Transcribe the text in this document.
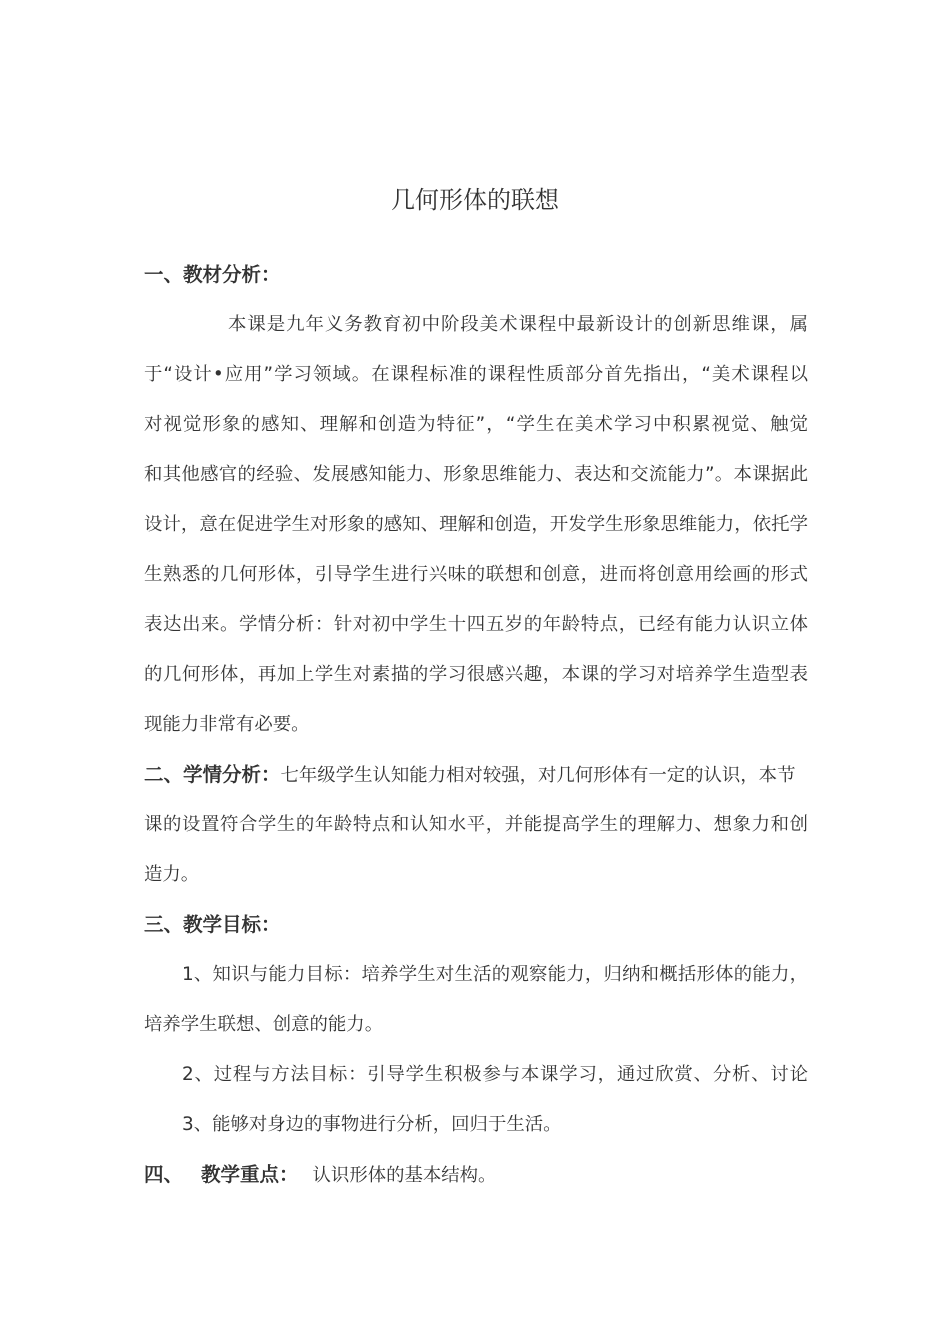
几何形体的联想
一、教材分析：
本课是九年义务教育初中阶段美术课程中最新设计的创新思维课，属
于“设计•应用”学习领域。在课程标准的课程性质部分首先指出，“美术课程以
对视觉形象的感知、理解和创造为特征”，“学生在美术学习中积累视觉、触觉
和其他感官的经验、发展感知能力、形象思维能力、表达和交流能力”。本课据此
设计，意在促进学生对形象的感知、理解和创造，开发学生形象思维能力，依托学
生熟悉的几何形体，引导学生进行兴味的联想和创意，进而将创意用绘画的形式
表达出来。学情分析：针对初中学生十四五岁的年龄特点，已经有能力认识立体
的几何形体，再加上学生对素描的学习很感兴趣，本课的学习对培养学生造型表
现能力非常有必要。
二、学情分析：七年级学生认知能力相对较强，对几何形体有一定的认识，本节
课的设置符合学生的年龄特点和认知水平，并能提高学生的理解力、想象力和创
造力。
三、教学目标：
1、知识与能力目标：培养学生对生活的观察能力，归纳和概括形体的能力，
培养学生联想、创意的能力。
2、过程与方法目标：引导学生积极参与本课学习，通过欣赏、分析、讨论
3、能够对身边的事物进行分析，回归于生活。
四、 教学重点： 认识形体的基本结构。
